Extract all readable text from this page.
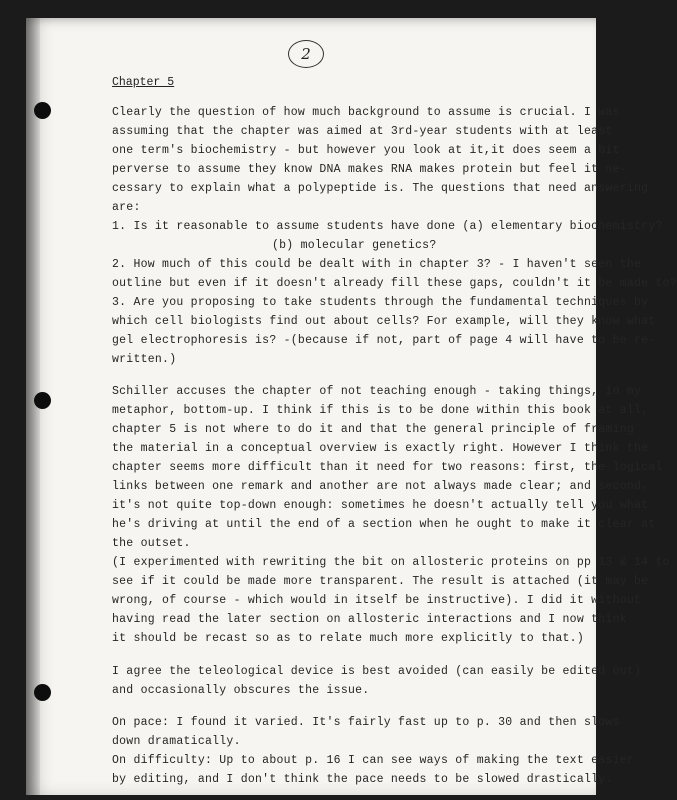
2
Chapter 5
Clearly the question of how much background to assume is crucial. I was
assuming that the chapter was aimed at 3rd-year students with at least
one term's biochemistry - but however you look at it,it does seem a bit
perverse to assume they know DNA makes RNA makes protein but feel it ne-
cessary to explain what a polypeptide is. The questions that need answering
are:
1. Is it reasonable to assume students have done (a) elementary biochemistry?
(b) molecular genetics?
2. How much of this could be dealt with in chapter 3? - I haven't seen the
outline but even if it doesn't already fill these gaps, couldn't it be made to?
3. Are you proposing to take students through the fundamental techniques by
which cell biologists find out about cells? For example, will they know what
gel electrophoresis is? -(because if not, part of page 4 will have to be re-
written.)
Schiller accuses the chapter of not teaching enough - taking things, in my
metaphor, bottom-up. I think if this is to be done within this book at all,
chapter 5 is not where to do it and that the general principle of framing
the material in a conceptual overview is exactly right. However I think the
chapter seems more difficult than it need for two reasons: first, the logical
links between one remark and another are not always made clear; and second,
it's not quite top-down enough: sometimes he doesn't actually tell you what
he's driving at until the end of a section when he ought to make it clear at
the outset.
(I experimented with rewriting the bit on allosteric proteins on pp 13 & 14 to
see if it could be made more transparent. The result is attached (it may be
wrong, of course - which would in itself be instructive). I did it without
having read the later section on allosteric interactions and I now think
it should be recast so as to relate much more explicitly to that.)
I agree the teleological device is best avoided (can easily be edited out)
and occasionally obscures the issue.
On pace: I found it varied. It's fairly fast up to p. 30 and then slows
down dramatically.
On difficulty: Up to about p. 16 I can see ways of making the text easier
by editing, and I don't think the pace needs to be slowed drastically.
